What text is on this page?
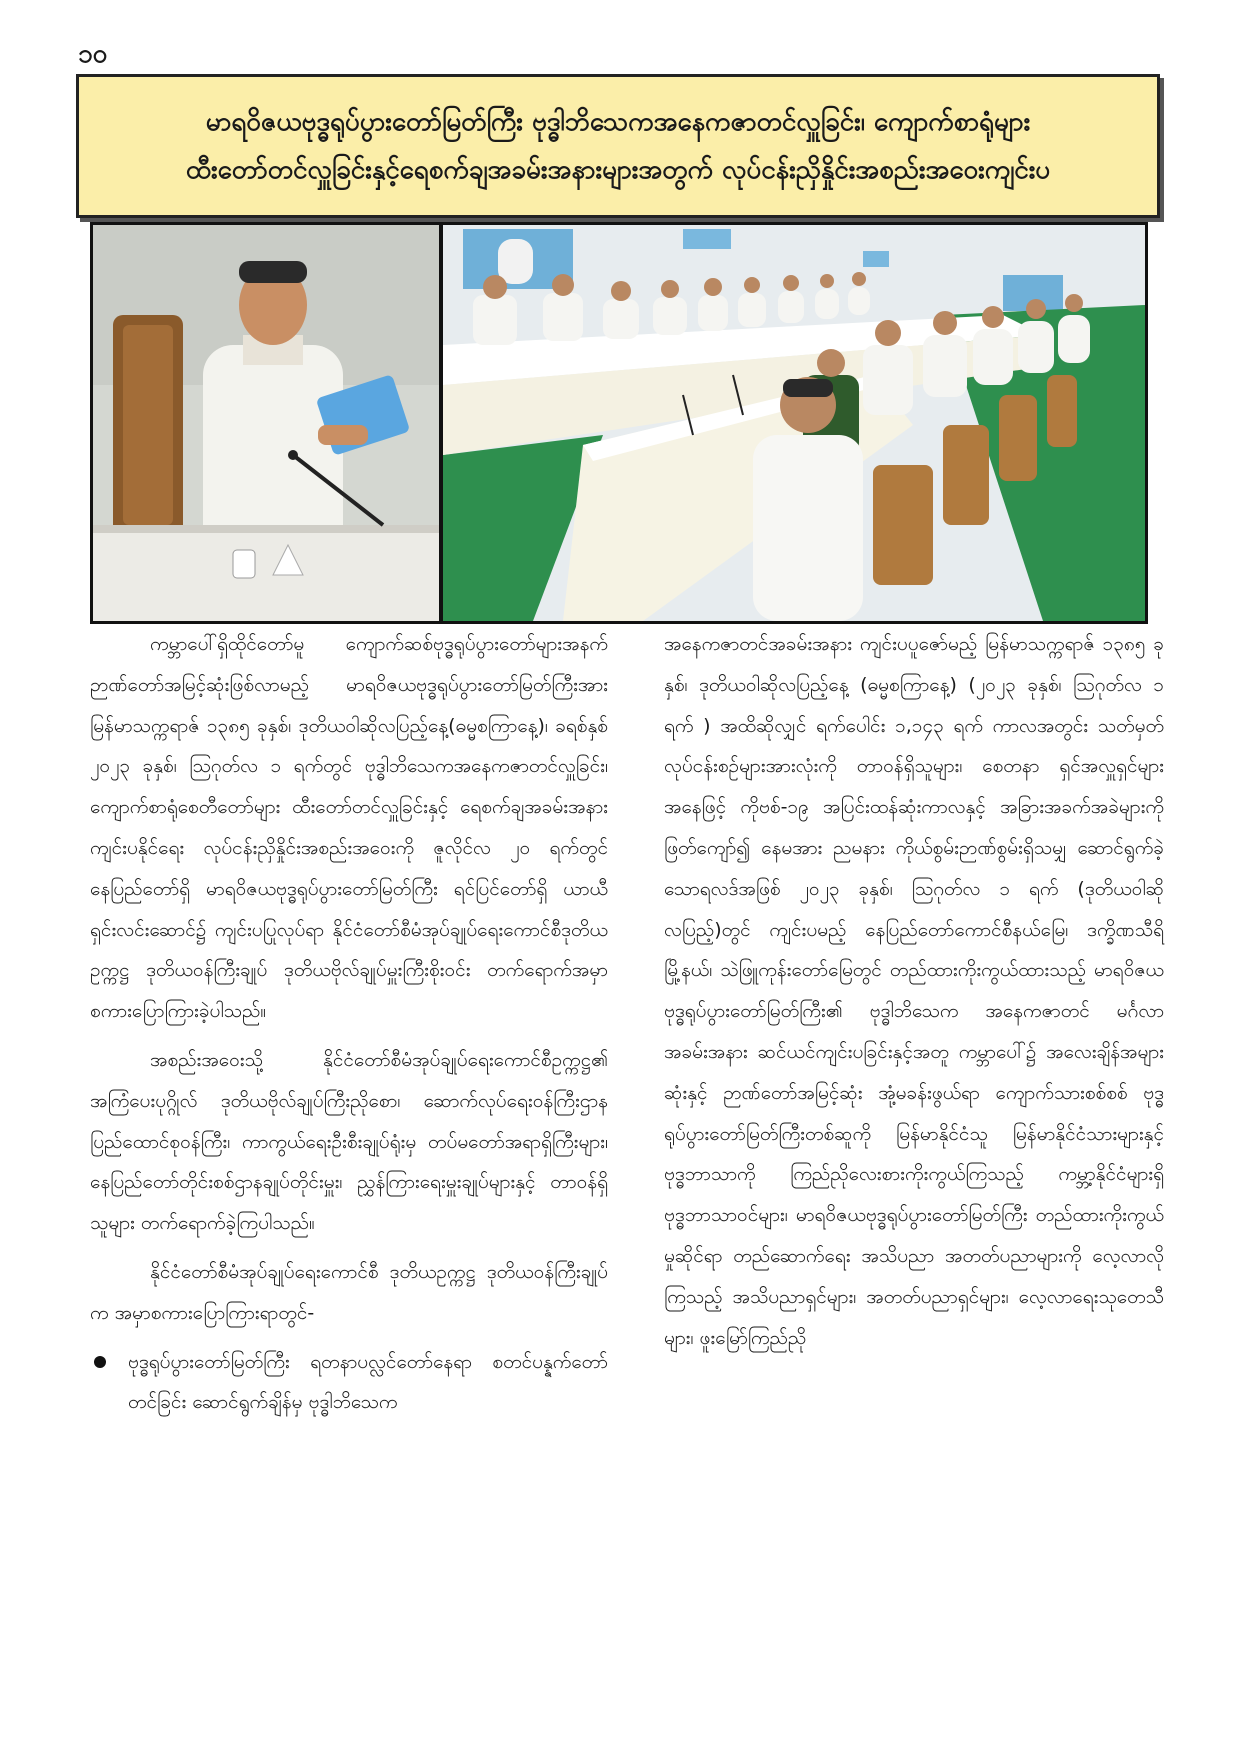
၁၀
မာရဝိဇယဗုဒ္ဓရုပ်ပွားတော်မြတ်ကြီး ဗုဒ္ဓါဘိသေကအနေကဇာတင်လှူခြင်း၊ ကျောက်စာရုံများ
ထီးတော်တင်လှူခြင်းနှင့်ရေစက်ချအခမ်းအနားများအတွက် လုပ်ငန်းညှိနှိုင်းအစည်းအဝေးကျင်းပ

ကမ္ဘာပေါ်ရှိထိုင်တော်မူ ကျောက်ဆစ်ဗုဒ္ဓရုပ်ပွားတော်များအနက် ဉာဏ်တော်အမြင့်ဆုံးဖြစ်လာမည့် မာရဝိဇယဗုဒ္ဓရုပ်ပွားတော်မြတ်ကြီးအား မြန်မာသက္ကရာဇ် ၁၃၈၅ ခုနှစ်၊ ဒုတိယဝါဆိုလပြည့်နေ့(ဓမ္မစကြာနေ့)၊ ခရစ်နှစ် ၂၀၂၃ ခုနှစ်၊ ဩဂုတ်လ ၁ ရက်တွင် ဗုဒ္ဓါဘိသေကအနေကဇာတင်လှူခြင်း၊ ကျောက်စာရုံစေတီတော်များ ထီးတော်တင်လှူခြင်းနှင့် ရေစက်ချအခမ်းအနားကျင်းပနိုင်ရေး လုပ်ငန်းညှိနှိုင်းအစည်းအဝေးကို ဇူလိုင်လ ၂၀ ရက်တွင် နေပြည်တော်ရှိ မာရဝိဇယဗုဒ္ဓရုပ်ပွားတော်မြတ်ကြီး ရင်ပြင်တော်ရှိ ယာယီရှင်းလင်းဆောင်၌ ကျင်းပပြုလုပ်ရာ နိုင်ငံတော်စီမံအုပ်ချုပ်ရေးကောင်စီဒုတိယဥက္ကဋ္ဌ ဒုတိယဝန်ကြီးချုပ် ဒုတိယဗိုလ်ချုပ်မှူးကြီးစိုးဝင်း တက်ရောက်အမှာစကားပြောကြားခဲ့ပါသည်။

အစည်းအဝေးသို့ နိုင်ငံတော်စီမံအုပ်ချုပ်ရေးကောင်စီဥက္ကဋ္ဌ၏ အကြံပေးပုဂ္ဂိုလ် ဒုတိယဗိုလ်ချုပ်ကြီးညိုစော၊ ဆောက်လုပ်ရေးဝန်ကြီးဌာန ပြည်ထောင်စုဝန်ကြီး၊ ကာကွယ်ရေးဦးစီးချုပ်ရုံးမှ တပ်မတော်အရာရှိကြီးများ၊ နေပြည်တော်တိုင်းစစ်ဌာနချုပ်တိုင်းမှူး၊ ညွှန်ကြားရေးမှူးချုပ်များနှင့် တာဝန်ရှိသူများ တက်ရောက်ခဲ့ကြပါသည်။

နိုင်ငံတော်စီမံအုပ်ချုပ်ရေးကောင်စီ ဒုတိယဥက္ကဋ္ဌ ဒုတိယဝန်ကြီးချုပ်က အမှာစကားပြောကြားရာတွင်-

ဗုဒ္ဓရုပ်ပွားတော်မြတ်ကြီး ရတနာပလ္လင်တော်နေရာ စတင်ပန္နက်တော်တင်ခြင်း ဆောင်ရွက်ချိန်မှ ဗုဒ္ဓါဘိသေက

အနေကဇာတင်အခမ်းအနား ကျင်းပပူဇော်မည့် မြန်မာသက္ကရာဇ် ၁၃၈၅ ခုနှစ်၊ ဒုတိယဝါဆိုလပြည့်နေ့ (ဓမ္မစကြာနေ့) (၂၀၂၃ ခုနှစ်၊ ဩဂုတ်လ ၁ ရက် ) အထိဆိုလျှင် ရက်ပေါင်း ၁,၁၄၃ ရက် ကာလအတွင်း သတ်မှတ်လုပ်ငန်းစဉ်များအားလုံးကို တာဝန်ရှိသူများ၊ စေတနာ ရှင်အလှူရှင်များအနေဖြင့် ကိုဗစ်-၁၉ အပြင်းထန်ဆုံးကာလနှင့် အခြားအခက်အခဲများကို ဖြတ်ကျော်၍ နေမအား ညမနား ကိုယ်စွမ်းဉာဏ်စွမ်းရှိသမျှ ဆောင်ရွက်ခဲ့သောရလဒ်အဖြစ် ၂၀၂၃ ခုနှစ်၊ ဩဂုတ်လ ၁ ရက် (ဒုတိယဝါဆို လပြည့်)တွင် ကျင်းပမည့် နေပြည်တော်ကောင်စီနယ်မြေ၊ ဒက္ခိဏသီရိမြို့နယ်၊ သဲဖြူကုန်းတော်မြေတွင် တည်ထားကိုးကွယ်ထားသည့် မာရဝိဇယဗုဒ္ဓရုပ်ပွားတော်မြတ်ကြီး၏ ဗုဒ္ဓါဘိသေက အနေကဇာတင် မင်္ဂလာအခမ်းအနား ဆင်ယင်ကျင်းပခြင်းနှင့်အတူ ကမ္ဘာပေါ်၌ အလေးချိန်အများဆုံးနှင့် ဉာဏ်တော်အမြင့်ဆုံး အုံ့မခန်းဖွယ်ရာ ကျောက်သားစစ်စစ် ဗုဒ္ဓရုပ်ပွားတော်မြတ်ကြီးတစ်ဆူကို မြန်မာနိုင်ငံသူ မြန်မာနိုင်ငံသားများနှင့် ဗုဒ္ဓဘာသာကို ကြည်ညိုလေးစားကိုးကွယ်ကြသည့် ကမ္ဘာ့နိုင်ငံများရှိ ဗုဒ္ဓဘာသာဝင်များ၊ မာရဝိဇယဗုဒ္ဓရုပ်ပွားတော်မြတ်ကြီး တည်ထားကိုးကွယ်မှုဆိုင်ရာ တည်ဆောက်ရေး အသိပညာ အတတ်ပညာများကို လေ့လာလိုကြသည့် အသိပညာရှင်များ၊ အတတ်ပညာရှင်များ၊ လေ့လာရေးသုတေသီများ၊ ဖူးမြော်ကြည်ညို
